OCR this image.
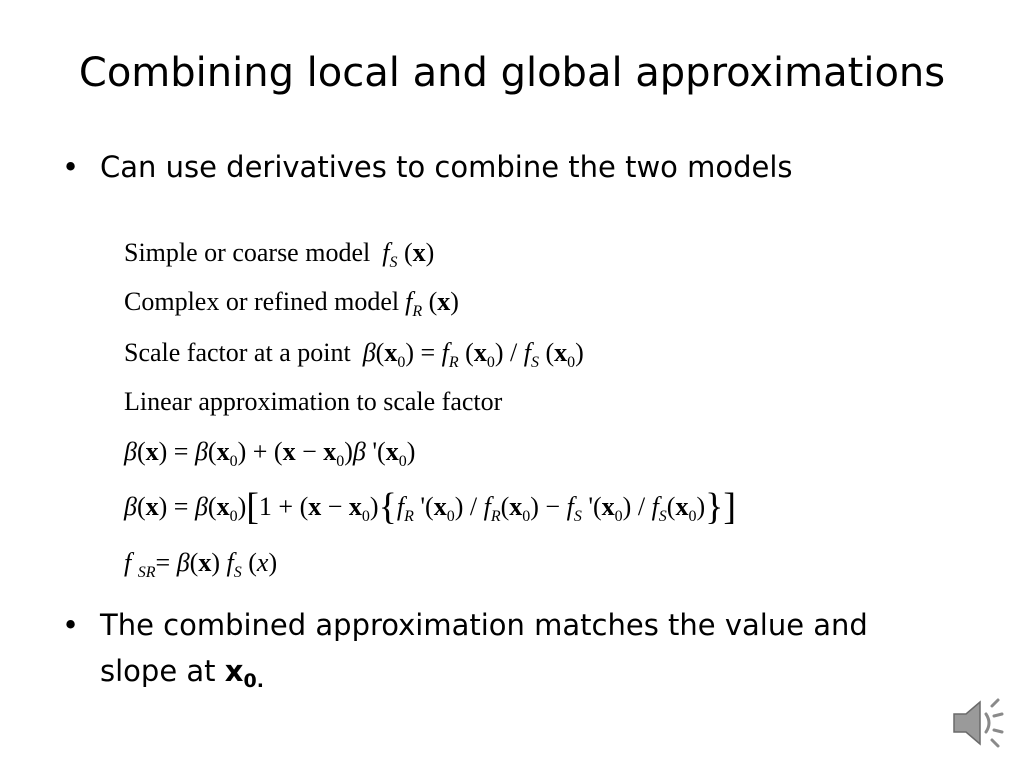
Combining local and global approximations
• Can use derivatives to combine the two models
Simple or coarse model $f_S$ (x)
Complex or refined model $f_R$ (x)
Scale factor at a point $\beta(x_0) = f_R$ $(x_0) / f_S$ $(x_0)$
Linear approximation to scale factor
$\beta(x) = \beta(x_0) + (x - x_0)\beta$ '$(x_0)$
$\beta(x) = \beta(x_0)[1 + (x - x_0)\{f_R$ '$(x_0) / f_R(x_0) - f_S$ '$(x_0) / f_S(x_0)$}]
f $_{SR}$= β(x) $f_S$ (x)
• The combined approximation matches the value and slope at $x_{0.}$
